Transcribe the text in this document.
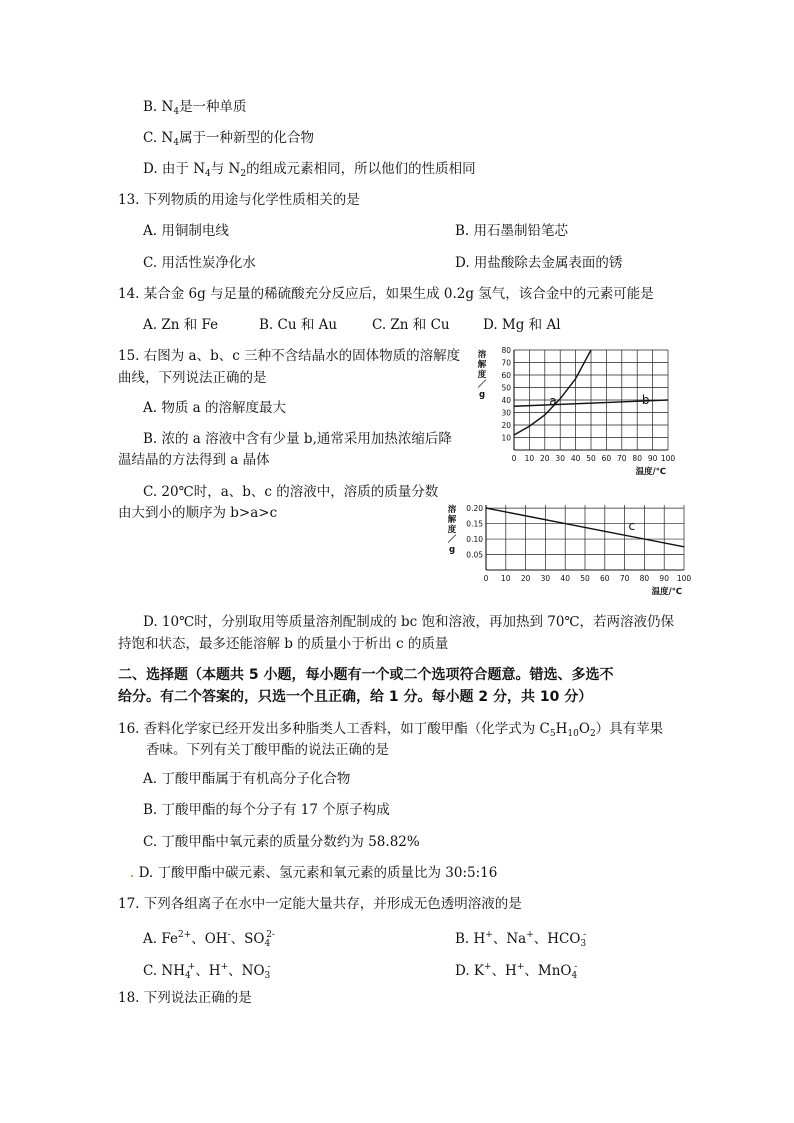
B. $N_4$是一种单质
C. $N_4$属于一种新型的化合物
D. 由于 $N_4$与 $N_2$的组成元素相同，所以他们的性质相同
13. 下列物质的用途与化学性质相关的是
A. 用铜制电线	B. 用石墨制铅笔芯
C. 用活性炭净化水	D. 用盐酸除去金属表面的锈
14. 某合金 6g 与足量的稀硫酸充分反应后，如果生成 0.2g 氢气，该合金中的元素可能是
A. Zn 和 Fe	B. Cu 和 Au	C. Zn 和 Cu D. Mg 和 Al
15. 右图为 a、b、c 三种不含结晶水的固体物质的溶解度
曲线，下列说法正确的是
A. 物质 a 的溶解度最大
B. 浓的 a 溶液中含有少量 b,通常采用加热浓缩后降
温结晶的方法得到 a 晶体
C. 20℃时，a、b、c 的溶液中，溶质的质量分数
由大到小的顺序为 b>a>c
D. 10℃时，分别取用等质量溶剂配制成的 bc 饱和溶液，再加热到 70℃，若两溶液仍保
持饱和状态，最多还能溶解 b 的质量小于析出 c 的质量
0 10 20 30 40 50 60 70 80 90 100
10
20
30
40
50
60
70
80
a	b
溶
解
度
／
g
温度/℃
0 10 20 30 40 50 60 70 80 90 100
0.05
0.10
0.15
0.20
c
溶
解
度
／
g
温度/℃
二、选择题（本题共 5 小题，每小题有一个或二个选项符合题意。错选、多选不
给分。有二个答案的，只选一个且正确，给 1 分。每小题 2 分，共 10 分）
16. 香料化学家已经开发出多种脂类人工香料，如丁酸甲酯（化学式为 $C_5H_{10}O_2$）具有苹果
香味。下列有关丁酸甲酯的说法正确的是
A. 丁酸甲酯属于有机高分子化合物
B. 丁酸甲酯的每个分子有 17 个原子构成
C. 丁酸甲酯中氧元素的质量分数约为 58.82%
. D. 丁酸甲酯中碳元素、氢元素和氧元素的质量比为 30:5:16
17. 下列各组离子在水中一定能大量共存，并形成无色透明溶液的是
A. $Fe^{2+}$、OH-、$SO_4^{2-}$	B. H+、Na+、$HCO_3^-$
C. $NH_4^+$、H+、$NO_3^-$	D. K+、H+、MnO$_4$-
18. 下列说法正确的是
